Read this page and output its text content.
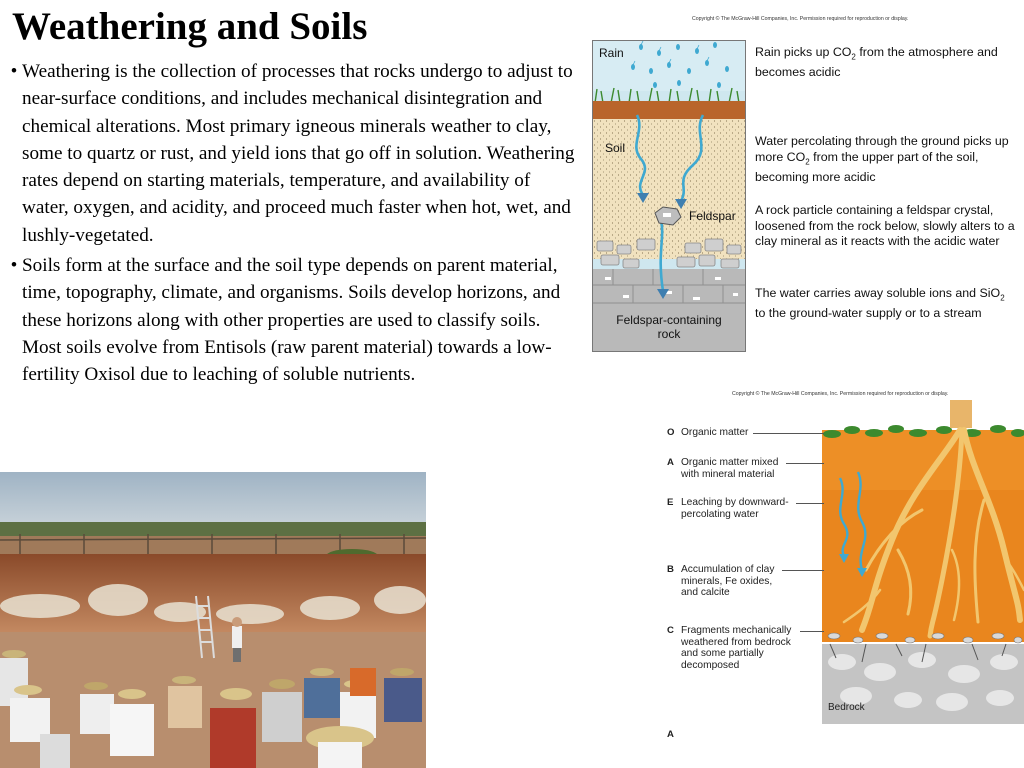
Weathering and Soils
• Weathering is the collection of processes that rocks undergo to adjust to near-surface conditions, and includes mechanical disintegration and chemical alterations. Most primary igneous minerals weather to clay, some to quartz or rust, and yield ions that go off in solution. Weathering rates depend on starting materials, temperature, and availability of water, oxygen, and acidity, and proceed much faster when hot, wet, and lushly-vegetated.
• Soils form at the surface and the soil type depends on parent material, time, topography, climate, and organisms. Soils develop horizons, and these horizons along with other properties are used to classify soils. Most soils evolve from Entisols (raw parent material) towards a low-fertility Oxisol due to leaching of soluble nutrients.
Copyright © The McGraw-Hill Companies, Inc. Permission required for reproduction or display.
Rain
Soil
Feldspar
Feldspar-containing
rock
Rain picks up $CO_2$ from the atmosphere and becomes acidic
Water percolating through the ground picks up more $CO_2$ from the upper part of the soil, becoming more acidic
A rock particle containing a feldspar crystal, loosened from the rock below, slowly alters to a clay mineral as it reacts with the acidic water
The water carries away soluble ions and SiO$_2$ to the ground-water supply or to a stream
Copyright © The McGraw-Hill Companies, Inc. Permission required for reproduction or display.
Bedrock
O Organic matter
A Organic matter mixed with mineral material
E Leaching by downward-percolating water
B Accumulation of clay minerals, Fe oxides, and calcite
C Fragments mechanically weathered from bedrock and some partially decomposed
A
